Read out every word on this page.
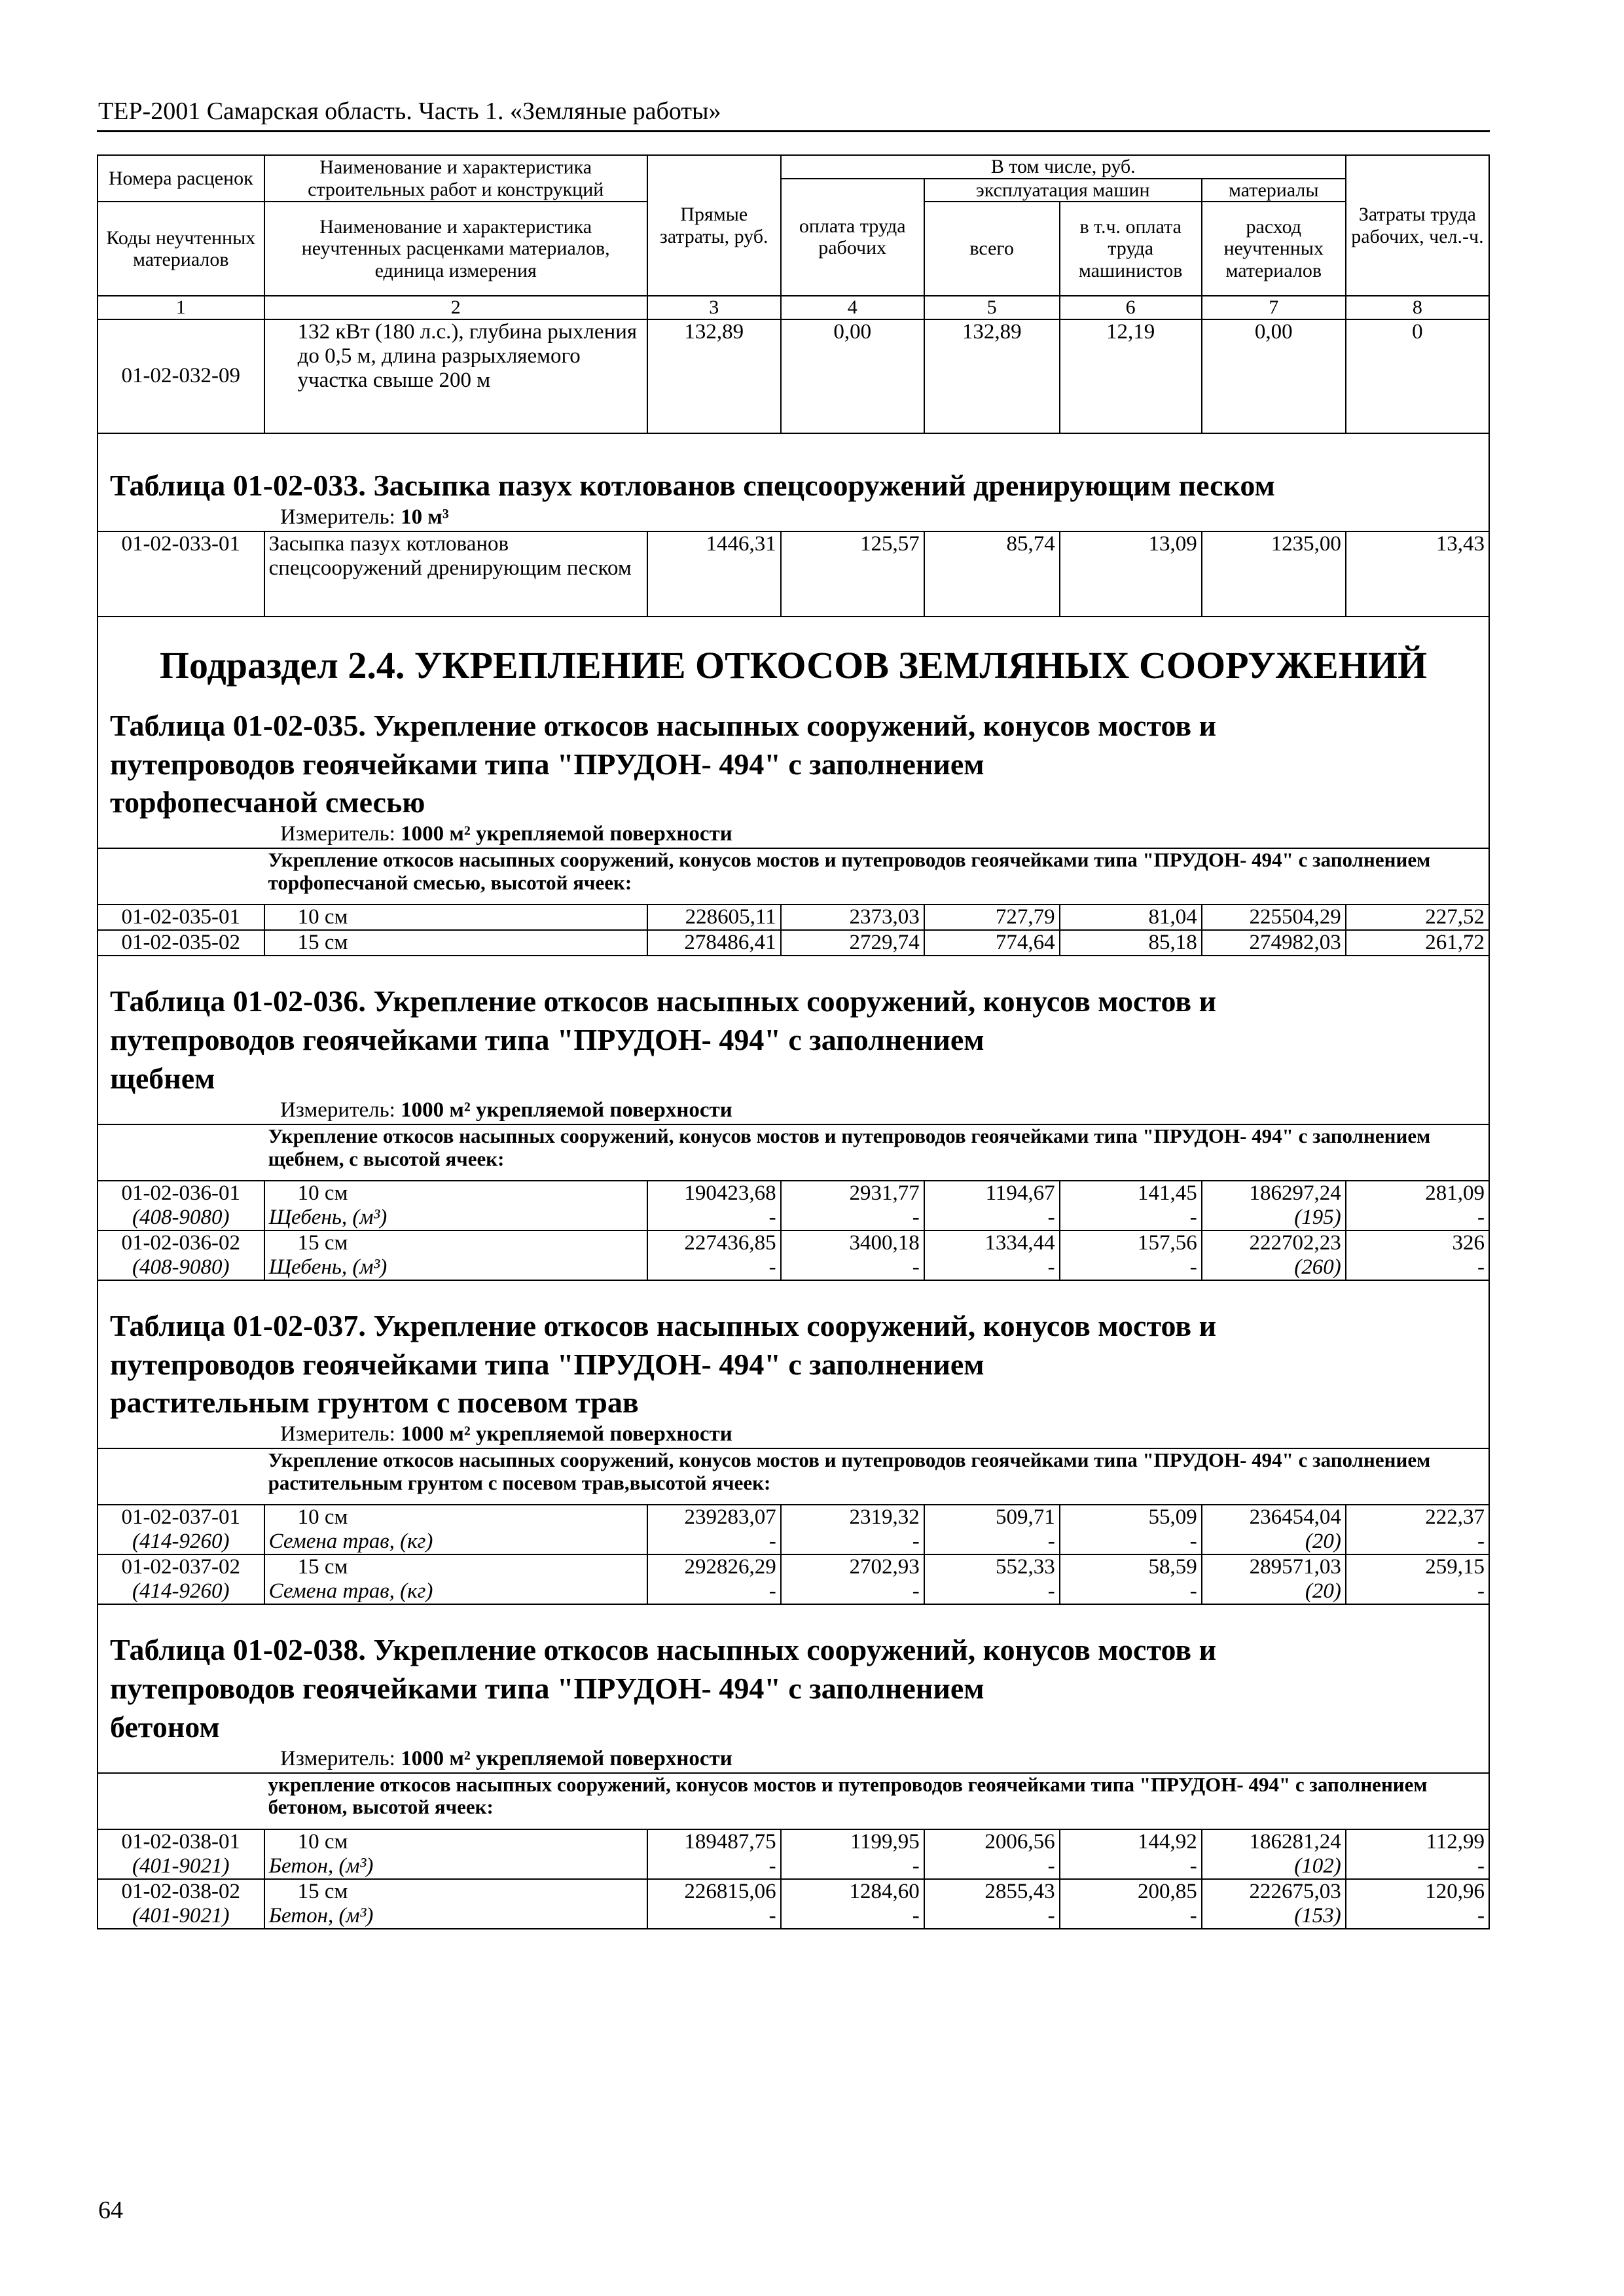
ТЕР-2001 Самарская область. Часть 1. «Земляные работы»
Номера расценок	Наименование и характеристика строительных работ и конструкций	Прямые затраты, руб.	В том числе, руб.				Затраты труда рабочих, чел.-ч.
			оплата труда рабочих	эксплуатация машин		материалы	
Коды неучтенных материалов	Наименование и характеристика неучтенных расценками материалов, единица измерения			всего	в т.ч. оплата труда машинистов	расход неучтенных материалов	

1	2	3	4	5	6	7	8
01-02-032-09	132 кВт (180 л.с.), глубина рыхления до 0,5 м, длина разрыхляемого участка свыше 200 м	132,89	0,00	132,89	12,19	0,00	0
Таблица 01-02-033. Засыпка пазух котлованов спецсооружений дренирующим песком
Измеритель: 10 м³
01-02-033-01	Засыпка пазух котлованов спецсооружений дренирующим песком	1446,31	125,57	85,74	13,09	1235,00	13,43
Подраздел 2.4. УКРЕПЛЕНИЕ ОТКОСОВ ЗЕМЛЯНЫХ СООРУЖЕНИЙ
Таблица 01-02-035. Укрепление откосов насыпных сооружений, конусов мостов и
путепроводов геоячейками типа "ПРУДОН- 494" с заполнением
торфопесчаной смесью
Измеритель: 1000 м² укрепляемой поверхности
	Укрепление откосов насыпных сооружений, конусов мостов и путепроводов геоячейками типа "ПРУДОН- 494" с заполнением торфопесчаной смесью, высотой ячеек:						
01-02-035-01	10 см	228605,11	2373,03	727,79	81,04	225504,29	227,52
01-02-035-02	15 см	278486,41	2729,74	774,64	85,18	274982,03	261,72
Таблица 01-02-036. Укрепление откосов насыпных сооружений, конусов мостов и
путепроводов геоячейками типа "ПРУДОН- 494" с заполнением
щебнем
Измеритель: 1000 м² укрепляемой поверхности
	Укрепление откосов насыпных сооружений, конусов мостов и путепроводов геоячейками типа "ПРУДОН- 494" с заполнением щебнем, с высотой ячеек:						
01-02-036-01	10 см	190423,68	2931,77	1194,67	141,45	186297,24	281,09
(408-9080)	Щебень, (м³)	-	-	-	-	(195)	-
01-02-036-02	15 см	227436,85	3400,18	1334,44	157,56	222702,23	326
(408-9080)	Щебень, (м³)	-	-	-	-	(260)	-
Таблица 01-02-037. Укрепление откосов насыпных сооружений, конусов мостов и
путепроводов геоячейками типа "ПРУДОН- 494" с заполнением
растительным грунтом с посевом трав
Измеритель: 1000 м² укрепляемой поверхности
	Укрепление откосов насыпных сооружений, конусов мостов и путепроводов геоячейками типа "ПРУДОН- 494" с заполнением растительным грунтом с посевом трав,высотой ячеек:						
01-02-037-01	10 см	239283,07	2319,32	509,71	55,09	236454,04	222,37
(414-9260)	Семена трав, (кг)	-	-	-	-	(20)	-
01-02-037-02	15 см	292826,29	2702,93	552,33	58,59	289571,03	259,15
(414-9260)	Семена трав, (кг)	-	-	-	-	(20)	-
Таблица 01-02-038. Укрепление откосов насыпных сооружений, конусов мостов и
путепроводов геоячейками типа "ПРУДОН- 494" с заполнением
бетоном
Измеритель: 1000 м² укрепляемой поверхности
	укрепление откосов насыпных сооружений, конусов мостов и путепроводов геоячейками типа "ПРУДОН- 494" с заполнением бетоном, высотой ячеек:						
01-02-038-01	10 см	189487,75	1199,95	2006,56	144,92	186281,24	112,99
(401-9021)	Бетон, (м³)	-	-	-	-	(102)	-
01-02-038-02	15 см	226815,06	1284,60	2855,43	200,85	222675,03	120,96
(401-9021)	Бетон, (м³)	-	-	-	-	(153)	-
64
